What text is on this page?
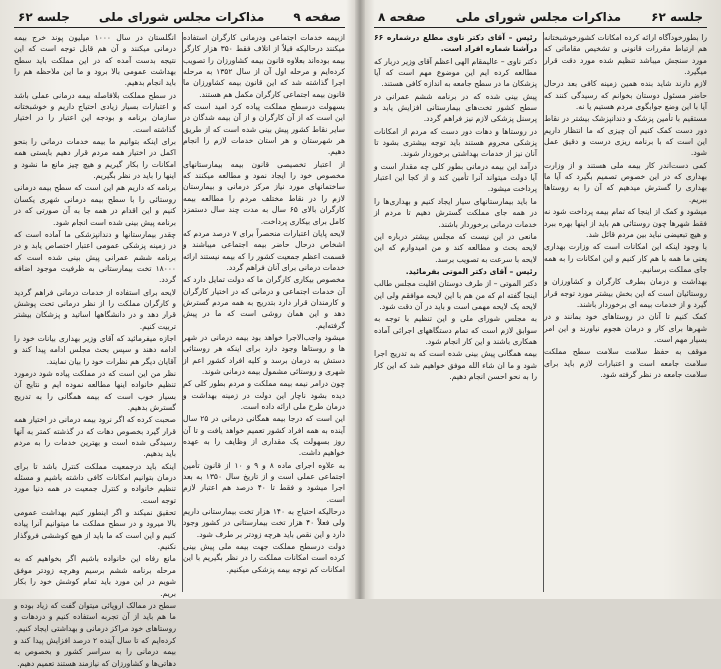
صفحه ۹
مذاکرات مجلس شورای ملی
جلسه ۶۲

ازبیمه خدمات اجتماعی ودرمانی کارگران استفاده میکنند درحالیکه قبلاً از اتلاف فقط ۳۵۰ هزار کارگر بیمه بوده‌اند بعلاوه قانون بیمه کشاورزان را تصویب کرده‌ایم و مرحله اول آن از سال ۱۳۵۲ به مرحله اجرا گذاشته شد که این قانون بیمه کشاورزان ما قانون بیمه اجتماعی کارگران مکمل هم هستند.

بسهولت درسطح مملکت پیاده کرد امید است که این است که از آن کارگران و از آن بیمه شدگان در سایر نقاط کشور پیش بینی شده است که از طریق هر شهرستان و هر استان خدمات لازم را انجام دهیم.

از اعتبار تخصیصی قانون بیمه بیمارستانهای مخصوص خود را ایجاد نمود و مطالعه میکنند که ساختمانهای مورد نیاز مرکز درمانی و بیمارستان لازم را در نقاط مختلف مردم را مطالعه بیمه کارگران بالای ۶۵ سال به مدت چند سال دستمزد کامل برای بیکاری پرداخت.

لایحه پایان اعتبارات منحصراً برای ۷ درصد مردم که اشخاص درحال حاضر بیمه اجتماعی میباشند و قسمت اعظم جمعیت کشور را که بیمه نیستند ارائه خدمات درمانی برای آنان فراهم گردد.

مخصوص بیکاری کارگران ما که دولت تمایل دارد که آن خدمات اجتماعی و درمانی که در اختیار کارگران و کارمندان قرار دارد بتدریج به همه مردم گسترش دهد و این همان روشی است که ما در پیش گرفته‌ایم.

میشود واجب‌الاجرا خواهد بود بیمه درمانی در شهر ها و روستاها وجود دارد برای اینکه هر روستائی دستش به درمان برسد و کلیه افراد کشور اعم از شهری و روستائی مشمول بیمه درمانی شوند.

چون درامر نیمه بیمه مملکت و مردم بطور کلی کم دیده بشود ناچار این دولت در زمینه بهداشت و درمان طرح ملی ارائه داده است.

این است که درجا بیمه همگانی درمانی در ۲۵ سال آینده به همه افراد کشور تعمیم خواهد یافت و تا آن روز بسهولت یک مقداری از وظایف را به عهده خواهیم داشت.

به علاوه اجرای ماده ۸ و ۹ و ۱۰ از قانون تأمین اجتماعی عملی است و از تاریخ سال ۱۳۵۰ به بعد اجرا میشود و فقط تا ۴۰ درصد هم اعتبار لازم است.

درحالیکه احتیاج به ۱۴۰ هزار تخت بیمارستانی داریم ولی فعلاً ۴۰ هزار تخت بیمارستانی در کشور وجود دارد و این نقص باید هرچه زودتر بر طرف شود.

دولت درسطح مملکت جهت بیمه ملی پیش بینی کرده است امکانات مملکت را در نظر بگیریم با این امکانات کم توجه بیمه پزشکی میکنیم.

انگلستان در سال ۱۰۰۰ میلیون پوند خرج بیمه درمانی میکنند و آن هم قابل توجه است که این نتیجه بدست آمده که در این مملکت باید سطح بهداشت عمومی بالا برود و ما این ملاحظه هم را باید انجام بدهیم.

در سطح مملکت بلافاصله بیمه درمانی عملی باشد و اعتبارات بسیار زیادی احتیاج داریم و خوشبختانه سازمان برنامه و بودجه این اعتبار را در اختیار گذاشته است.

برای اینکه بتوانیم ما بیمه خدمات درمانی را بنحو اکمل در اختیار همه مردم قرار دهیم بایستی همه امکانات را بکار گیریم و هیچ چیز مانع ما نشود و اینها را باید در نظر بگیریم.

برنامه که داریم هم این است که سطح بیمه درمانی روستائی را با سطح بیمه درمانی شهری یکسان کنیم و این اقدام در همه جا به آن صورتی که در برنامه پیش بینی شده است انجام شود.

چقدر بیمارستانها و دندانپزشکی ما آماده است که در زمینه پزشکی عمومی اعتبار اختصاص یابد و در برنامه ششم عمرانی پیش بینی شده است که ۱۸۰۰۰ تخت بیمارستانی به ظرفیت موجود اضافه گردد.

لایحه برای استفاده از خدمات درمانی فراهم گردید و کارگران مملکت را از نظر درمانی تحت پوشش قرار دهد و در دانشگاهها اساتید و پزشکان بیشتر تربیت کنیم.

اجازه میفرمائید که آقای وزیر بهداری بیانات خود را ادامه دهند و سپس بحث مجلس ادامه پیدا کند و آقایان دیگر هم نظرات خود را بیان نمایند.

نظر من این است که در مملکت پیاده شود درمورد تنظیم خانواده اینها مطالعه نموده ایم و نتایج آن بسیار خوب است که بیمه همگانی را به تدریج گسترش بدهیم.

صحبت کرده که اگر نرود بیمه درمانی در اختیار همه قرار گیرد بخصوص دهات که در گذشته کمتر به آنها رسیدگی شده است و بهترین خدمات را به مردم باید بدهیم.

اینکه باید درجمعیت مملکت کنترل باشد تا برای درمان بتوانیم امکانات کافی داشته باشیم و مسئله تنظیم خانواده و کنترل جمعیت در همه دنیا مورد توجه است.

تحقیق نمیکند و اگر اینطور کنیم بهداشت عمومی بالا میرود و در سطح مملکت ما میتوانیم آنرا پیاده کنیم و این است که ما باید از هیچ کوششی فروگذار نکنیم.

مانع رفاه این خانواده باشیم اگر بخواهیم که به مرحله برنامه ششم برسیم وهرچه زودتر موفق شویم در این مورد باید تمام کوشش خود را بکار بریم.

سطح در ممالک اروپائی میتوان گفت که زیاد بوده و ما هم باید از آن تجربه استفاده کنیم و دردهات و روستاهای خود مراکز درمانی و بهداشتی ایجاد کنیم.

کرده‌ایم که تا سال آینده ۲ درصد افزایش پیدا کند و بیمه درمانی را به سراسر کشور و بخصوص به دهاتی‌ها و کشاورزان که نیازمند هستند تعمیم دهیم.

جلسه ۶۲
مذاکرات مجلس شورای ملی
صفحه ۸

را بطورخودآگاه ارائه کرده امکانات کشورخوشبختانه هم ارتباط مقررات قانونی و تشخیص مقاماتی که مورد سنجش میباشد تنظیم شده مورد دقت قرار میگیرد.

لازم دارند شاید بنده همین زمینه کافی بعد درحال حاضر مسئول دوستان بخوانم که رسیدگی کنند که آیا با این وضع جوابگوی مردم هستیم یا نه.

مستقیم با تأمین پزشک و دندانپزشک بیشتر در نقاط دور دست کمک کنیم آن چیزی که ما انتظار داریم این است که با برنامه ریزی درست و دقیق عمل شود.

کمی دست‌اندر کار بیمه ملی هستند و از وزارت بهداری که در این خصوص تصمیم بگیرد که آیا ما بهداری را گسترش میدهیم که آن را به روستاها ببریم.

میشود و کمک از اینجا که تمام بیمه پرداخت شود نه فقط شهرها چون روستائی هم باید از اینها بهره ببرد و هیچ تبعیضی نباید بین مردم قائل شد.

با وجود اینکه این امکانات است که وزارت بهداری یعنی ما همه با هم کار کنیم و این امکانات را به همه جای مملکت برسانیم.

بهداشت و درمان بطرف کارگران و کشاورزان و روستائیان است که این بخش بیشتر مورد توجه قرار گیرد و از خدمات بیمه ای برخوردار باشند.

کمک کنیم تا آنان در روستاهای خود بمانند و در شهرها برای کار و درمان هجوم نیاورند و این امر بسیار مهم است.

موقف به حفظ سلامت سلامت سطح مملکت سلامت جامعه است و اعتبارات لازم باید برای سلامت جامعه در نظر گرفته شود.

رئیس – آقای دکتر ناوی مطلع درشماره ۶۶ درآشنا شماره افراد است.

دکتر ناوی – عالیمقام الهی اعظم آقای وزیر دربار که مطالعه کرده ایم این موضوع مهم است که آیا پزشکان ما در سطح جامعه به اندازه کافی هستند.

پیش بینی شده که در برنامه ششم عمرانی در سطح کشور تخت‌های بیمارستانی افزایش یابد و پرسنل پزشکی لازم نیز فراهم گردد.

در روستاها و دهات دور دست که مردم از امکانات پزشکی محروم هستند باید توجه بیشتری بشود تا آنان نیز از خدمات بهداشتی برخوردار شوند.

درآمد این بیمه درمانی بطور کلی چه مقدار است و آیا دولت میتواند آنرا تأمین کند و از کجا این اعتبار پرداخت میشود.

ما باید بیمارستانهای سیار ایجاد کنیم و بهداری‌ها را در همه جای مملکت گسترش دهیم تا مردم از خدمات درمانی برخوردار باشند.

مانعی در این نیست که مجلس بیشتر درباره این لایحه بحث و مطالعه کند و من امیدوارم که این لایحه با سرعت به تصویب برسد.

رئیس – آقای دکتر الموتی بفرمائید.

دکتر الموتی – از طرف دوستان اقلیت مجلس طالب اینجا گفته ام که من هم با این لایحه موافقم ولی این لایحه یک لایحه مهمی است و باید در آن دقت شود.

به مجلس شورای ملی و این تنظیم با توجه به سوابق لازم است که تمام دستگاههای اجرائی آماده همکاری باشند و این کار انجام شود.

بیمه همگانی پیش بینی شده است که به تدریج اجرا شود و ما ان شاء الله موفق خواهیم شد که این کار را به نحو احسن انجام دهیم.
